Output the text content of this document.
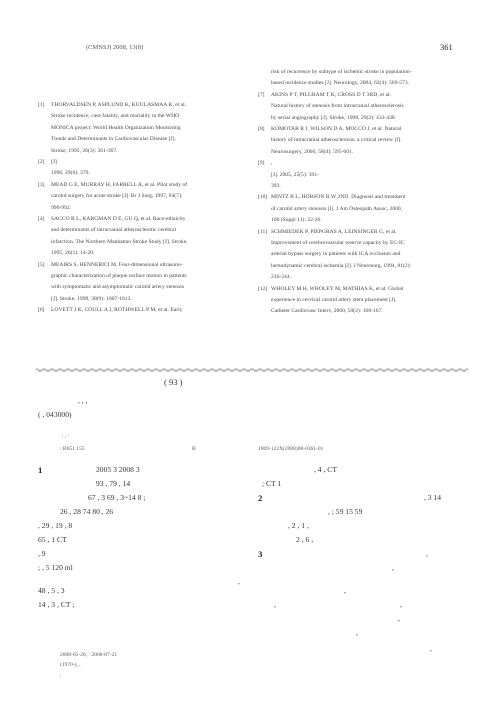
(CMNSJ) 2008, 13(8)	361
[1] THORVALDSEN P, ASPLUND K, KUULASMAA K, et al.
Stroke incidence, case fatality, and mortality in the WHO
MONICA project: World Health Organization Monitoring
Trends and Determinants in Cardiovascular Disease [J].
Stroke, 1995, 26(3): 361-367.
[2] [J]
1996, 29(6): 379.
[3] MEAD G E, MURRAY H, FARRELL A, et al. Pilot study of
carotid surgery for acute stroke [J]. Br J Surg, 1997, 84(7):
990-992.
[4] SACCO R L, KARGMAN D E, GU Q, et al. Race-ethnicity
and determinants of intracranial atherosclerotic cerebral
infarction. The Northern Manhattan Stroke Study [J]. Stroke,
1995, 26(1): 14-20.
[5] MEAIRS S, HENNERICI M. Four-dimensional ultrasono-
graphic characterization of plaque surface motion in patients
with symptomatic and asymptomatic carotid artery stenosis
[J]. Stroke, 1999, 30(9): 1807-1813.
[6] LOVETT J K, COULL A J, ROTHWELL P M, et al. Early
risk of recurrence by subtype of ischemic stroke in population-
based incidence studies [J]. Neurology, 2004, 62(4): 569-573.
[7] AKINS P T, PILGRAM T K, CROSS D T 3RD, et al.
Natural history of stenosis from intracranial atherosclerosis
by serial angiography [J]. Stroke, 1998, 29(2): 433-438.
[8] KOMOTAR R J, WILSON D A, MOCCO J, et al. Natural
history of intracranial atherosclerosis: a critical review [J].
Neurosurgery, 2006, 58(4): 595-601.
[9] ,
[J]. 2005, 25(5): 391-
393.
[10] MINTZ B L, HOBSON R W 2ND. Diagnosis and treatment
of carotid artery stenosis [J]. J Am Osteopath Assoc, 2000,
100 (Suppl 11): 22-26.
[11] SCHMIEDEK P, PIEPGRAS A, LEINSINGER G, et al.
Improvement of cerebrovascular reserve capacity by EC-IC
arterial bypass surgery in patients with ICA occlusion and
hemodynamic cerebral ischemia [J]. J Neurosurg, 1994, 81(2):
236-244.
[12] WHOLEY M H, WHOLEY M, MATHIAS K, et al. Global
experience in cervical carotid artery stent placement [J].
Catheter Cardiovasc Interv, 2000, 50(2): 160-167.
( 93 )
, , ,
( , 043000)
: , :
: R651.155	B	1009-122X(2008)08-0361-01
1	2005 3 2008 3
93 , 79 , 14
67 , 3 69 , 3~14 8 ;
26 , 28 74 80 , 26
, 29 , 19 , 8
65 , 1 CT
, 9
; , 5 120 ml
48 , 5 , 3
14 , 3 , CT ;
, 4 , CT
; CT 1
2	, 3 14
, ; 59 15 59
, 2 , 1 ,
2 , 6 ,
3	,
,
,
,
,	,
,
,
,
2008-05-26; : 2008-07-21
(1970-), ,
:
